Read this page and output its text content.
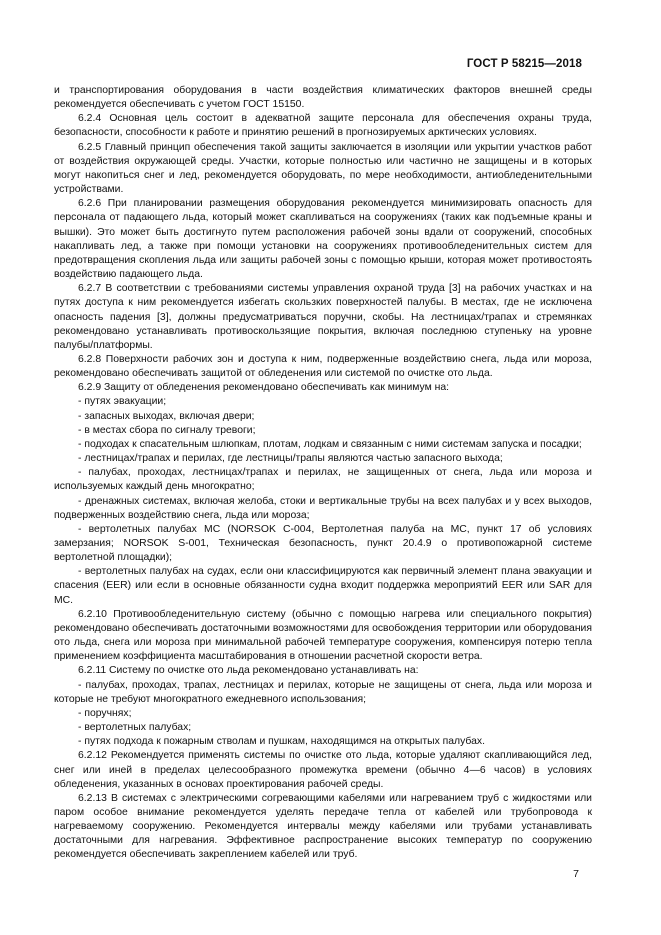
ГОСТ Р 58215—2018

и транспортирования оборудования в части воздействия климатических факторов внешней среды рекомендуется обеспечивать с учетом ГОСТ 15150.

6.2.4 Основная цель состоит в адекватной защите персонала для обеспечения охраны труда, безопасности, способности к работе и принятию решений в прогнозируемых арктических условиях.

6.2.5 Главный принцип обеспечения такой защиты заключается в изоляции или укрытии участков работ от воздействия окружающей среды. Участки, которые полностью или частично не защищены и в которых могут накопиться снег и лед, рекомендуется оборудовать, по мере необходимости, антиобледенительными устройствами.

6.2.6 При планировании размещения оборудования рекомендуется минимизировать опасность для персонала от падающего льда, который может скапливаться на сооружениях (таких как подъемные краны и вышки). Это может быть достигнуто путем расположения рабочей зоны вдали от сооружений, способных накапливать лед, а также при помощи установки на сооружениях противообледенительных систем для предотвращения скопления льда или защиты рабочей зоны с помощью крыши, которая может противостоять воздействию падающего льда.

6.2.7 В соответствии с требованиями системы управления охраной труда [3] на рабочих участках и на путях доступа к ним рекомендуется избегать скользких поверхностей палубы. В местах, где не исключена опасность падения [3], должны предусматриваться поручни, скобы. На лестницах/трапах и стремянках рекомендовано устанавливать противоскользящие покрытия, включая последнюю ступеньку на уровне палубы/платформы.

6.2.8 Поверхности рабочих зон и доступа к ним, подверженные воздействию снега, льда или мороза, рекомендовано обеспечивать защитой от обледенения или системой по очистке ото льда.

6.2.9 Защиту от обледенения рекомендовано обеспечивать как минимум на:

- путях эвакуации;

- запасных выходах, включая двери;

- в местах сбора по сигналу тревоги;

- подходах к спасательным шлюпкам, плотам, лодкам и связанным с ними системам запуска и посадки;

- лестницах/трапах и перилах, где лестницы/трапы являются частью запасного выхода;

- палубах, проходах, лестницах/трапах и перилах, не защищенных от снега, льда или мороза и используемых каждый день многократно;

- дренажных системах, включая желоба, стоки и вертикальные трубы на всех палубах и у всех выходов, подверженных воздействию снега, льда или мороза;

- вертолетных палубах МС (NORSOK C-004, Вертолетная палуба на МС, пункт 17 об условиях замерзания; NORSOK S-001, Техническая безопасность, пункт 20.4.9 о противопожарной системе вертолетной площадки);

- вертолетных палубах на судах, если они классифицируются как первичный элемент плана эвакуации и спасения (EER) или если в основные обязанности судна входит поддержка мероприятий EER или SAR для МС.

6.2.10 Противообледенительную систему (обычно с помощью нагрева или специального покрытия) рекомендовано обеспечивать достаточными возможностями для освобождения территории или оборудования ото льда, снега или мороза при минимальной рабочей температуре сооружения, компенсируя потерю тепла применением коэффициента масштабирования в отношении расчетной скорости ветра.

6.2.11 Систему по очистке ото льда рекомендовано устанавливать на:

- палубах, проходах, трапах, лестницах и перилах, которые не защищены от снега, льда или мороза и которые не требуют многократного ежедневного использования;

- поручнях;

- вертолетных палубах;

- путях подхода к пожарным стволам и пушкам, находящимся на открытых палубах.

6.2.12 Рекомендуется применять системы по очистке ото льда, которые удаляют скапливающийся лед, снег или иней в пределах целесообразного промежутка времени (обычно 4—6 часов) в условиях обледенения, указанных в основах проектирования рабочей среды.

6.2.13 В системах с электрическими согревающими кабелями или нагреванием труб с жидкостями или паром особое внимание рекомендуется уделять передаче тепла от кабелей или трубопровода к нагреваемому сооружению. Рекомендуется интервалы между кабелями или трубами устанавливать достаточными для нагревания. Эффективное распространение высоких температур по сооружению рекомендуется обеспечивать закреплением кабелей или труб.

7
